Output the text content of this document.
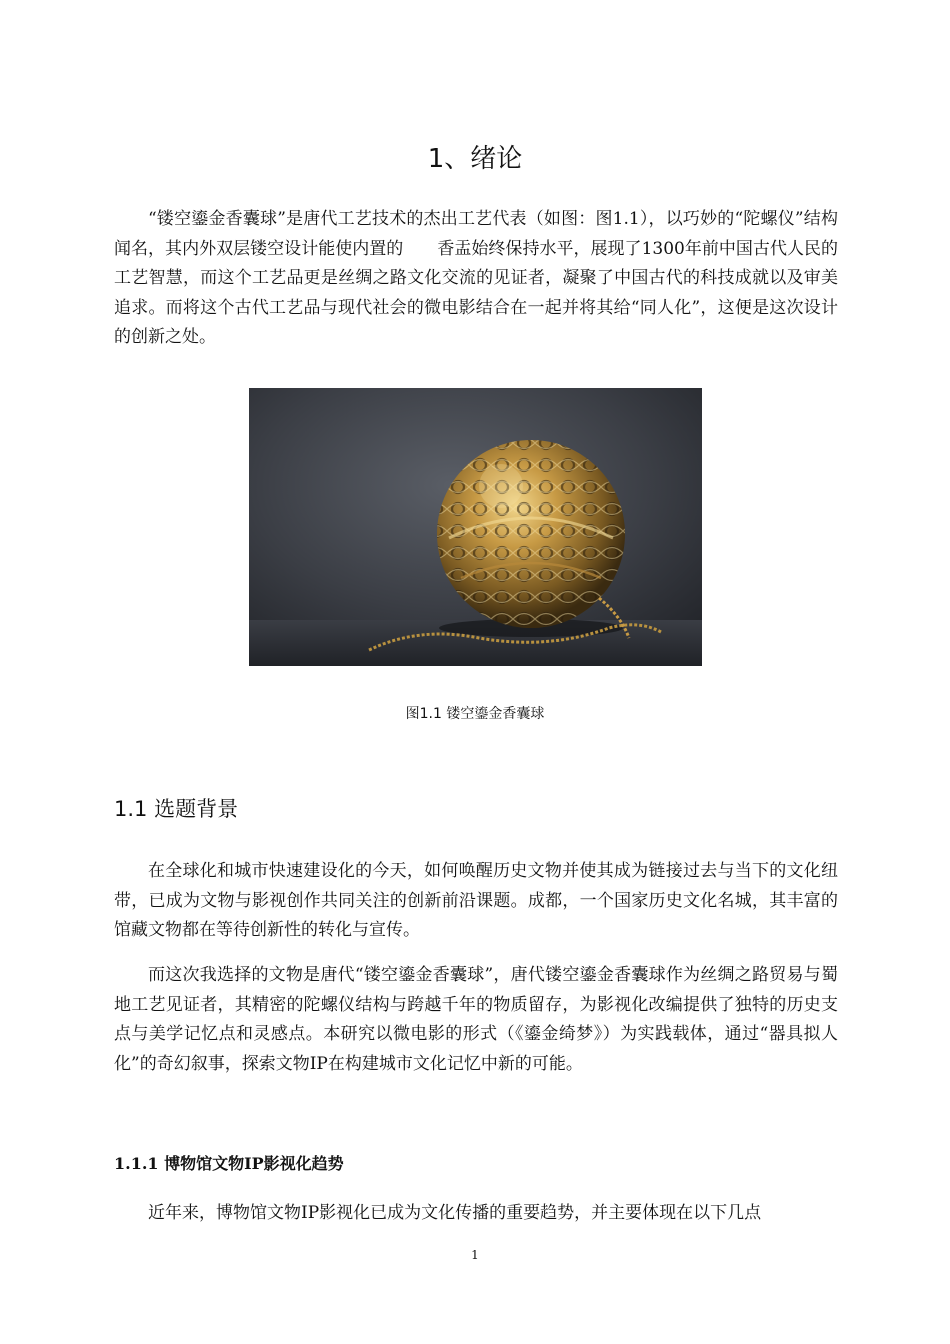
1、绪论

“镂空鎏金香囊球”是唐代工艺技术的杰出工艺代表（如图：图1.1），以巧妙的“陀螺仪”结构闻名，其内外双层镂空设计能使内置的　　香盂始终保持水平，展现了1300年前中国古代人民的工艺智慧，而这个工艺品更是丝绸之路文化交流的见证者，凝聚了中国古代的科技成就以及审美追求。而将这个古代工艺品与现代社会的微电影结合在一起并将其给“同人化”，这便是这次设计的创新之处。

图1.1 镂空鎏金香囊球
1.1 选题背景

在全球化和城市快速建设化的今天，如何唤醒历史文物并使其成为链接过去与当下的文化纽带，已成为文物与影视创作共同关注的创新前沿课题。成都，一个国家历史文化名城，其丰富的馆藏文物都在等待创新性的转化与宣传。

而这次我选择的文物是唐代“镂空鎏金香囊球”，唐代镂空鎏金香囊球作为丝绸之路贸易与蜀地工艺见证者，其精密的陀螺仪结构与跨越千年的物质留存，为影视化改编提供了独特的历史支点与美学记忆点和灵感点。本研究以微电影的形式（《鎏金绮梦》）为实践载体，通过“器具拟人化”的奇幻叙事，探索文物IP在构建城市文化记忆中新的可能。

1.1.1 博物馆文物IP影视化趋势

近年来，博物馆文物IP影视化已成为文化传播的重要趋势，并主要体现在以下几点

1
